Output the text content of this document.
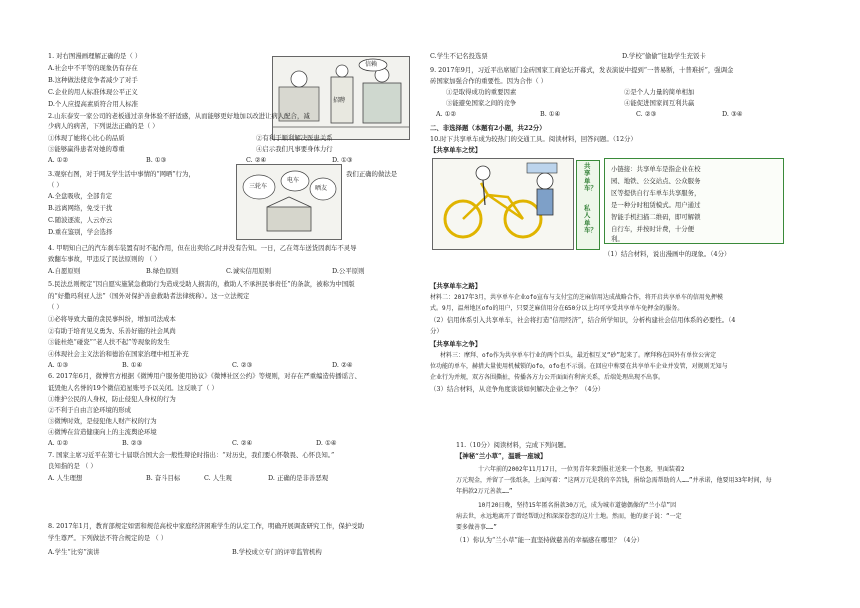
1. 对右图漫画理解正确的是（ ）
A.社会中不平等的现象仍有存在
B.这种做法使竞争者减少了对手
C.企业的用人标准体现公平正义
D.个人应提高素质符合用人标准
信赖
招聘
2.山东泰安一家公司的老板通过亲身体验不舒适感，从而能够更好地加以改进让病人配合，减
少病人的病苦，下列说法正确的是（ ）
①体现了她将心比心的品质	②有利于顺利解决医患关系
③能够赢得患者对她的尊重	④启示我们凡事要身体力行
A. ①②	B. ①③	C. ②④	D. ①③
3.观察右图，对于网友学生活中事情的“网晒”行为，	我们正确的做法是
（ ）
A.全盘吸收，全部肯定
B.远离网络，免受干扰
C.随波逐流，人云亦云
D.重在鉴别，学会选择
三轮车
电车
晒友
4. 甲明知自己的汽车刹车装置有时不起作用，但在出卖给乙时并没有告知。一日，乙在驾车送货因刹车不灵导
致翻车事故，甲违反了民法原则的 （ ）
A.自愿原则	B.绿色原则	C.诚实信用原则	D.公平原则
5.民法总则规定“因自愿实施紧急救助行为造成受助人损害的，救助人不承担民事责任”的条款，被称为中国版
的“好撒玛利亚人法”（国外对保护善意救助者法律统称）。这一立法规定
（ ）
①必将导致大量的贪民事纠纷，增加司法成本
②有助于培育见义勇为、乐善好施的社会风尚
③能杜绝“碰瓷”“老人扶不起”等现象的发生
④体现社会主义法治和德治在国家治理中相互补充
A. ①③	B. ①④	C. ②③	D. ②④
6. 2017年6月，微博官方根据《微博用户服务使用协议》《微博社区公约》等规则，对存在严重编造传播谣言、
诋毁他人名誉的19个微信追星账号予以关闭。这反映了（ ）
①维护公民的人身权，防止侵犯人身权的行为
②不利于自由言论环境的形成
③微博时效，是侵犯他人财产权的行为
④微博在营造健康向上的主流舆论环境
A. ①②	B. ②③	C. ②④	D. ①④
7. 国家主席习近平在第七十届联合国大会一般性辩论时指出：“对历史，我们要心怀敬畏、心怀良知。”
良知指的是 （ ）
A. 人生理想	B. 奋斗目标	C. 人生观	D. 正确的是非善恶观
8. 2017年1月，教育部规定如需和规范高校中家庭经济困难学生的认定工作，明确开展调查研究工作，保护受助
学生尊严。下列做法不符合规定的是 （ ）
A.学生“比穷”演讲	B.学校成立专门的评审监管机构
C.学生不记名投选票	D.学校“偷偷”往助学生充饭卡
9. 2017年9月，习近平出席厦门金砖国家工商论坛开幕式，发表演说中提到“一普易断，十普难折”，强调金
砖国家加强合作的重要性。因为合作（ ）
①是取得成功的重要因素	②是个人力量的简单相加
③能避免国家之间的竞争	④能促进国家间互利共赢
A. ①②	B. ①④	C. ②③	D. ③④
二、非选择题（本题有2小题，共22分）
10.时下共享单车成为较热门的交通工具。阅读材料，回答问题。（12分）
【共享单车之忧】
共享单车？
私人单车？
小链接：共享单车是指企业在校
园、地铁、公交站点、公众服务
区等提供自行车单车共享服务，
是一种分时租赁模式。用户通过
智能手机扫描二维码，即可解锁
自行车，并按时计费，十分便
利。
（1）结合材料，说出漫画中的现象。（4分）
【共享单车之路】
材料二：2017年3月，共享单车企业ofo宣布与支付宝的芝麻信用达成战略合作，将开启共享单车的信用免押模
式。9月，温州地区ofo的用户，只要芝麻信用分在650分以上均可享受共享单车免押金的服务。
（2）信用体系引入共享单车，社会将打造“信用经济”，结合所学知识，分析构建社会信用体系的必要性。（4
分）
【共享单车之争】
材料三：摩拜、ofo作为共享单车行业的两个巨头，最近相互叉“砂”起来了。摩拜称在国外有单位公害定
位功能的单车，赫措大量使用机械锁的ofo，ofo也不示弱。在回应中称要在共享单车企业并发管，对规则无知与
企业行为并规，双方各围撕扯，传播各方力公开面面有利害关系，后端处理出现不出事。
（3）结合材料，从竞争角度谈谈如何解决企业之争？（4分）
11.（10分）阅读材料，完成下列问题。
【神秘“兰小草”，温暖一座城】
十六年前的2002年11月17日，一位男青年来到报社送来一个包裹，里面装着2
万元现金，并留了一张纸条，上面写着：“这两万元是我的辛苦钱，捐给急需帮助的人……”并承诺，他要用33年时间，每
年捐款2万元善款……”
10月20日晚，坚持15年匿名捐款30万元，成为城市道德偶像的“兰小草”因
病去世，永远地离开了曾经帮助过和深深眷恋的这片土地。然而，他的妻子说：“一定
要多做善事……”
（1）你认为“兰小草”能一直坚持做慈善的幸福感在哪里？（4分）
